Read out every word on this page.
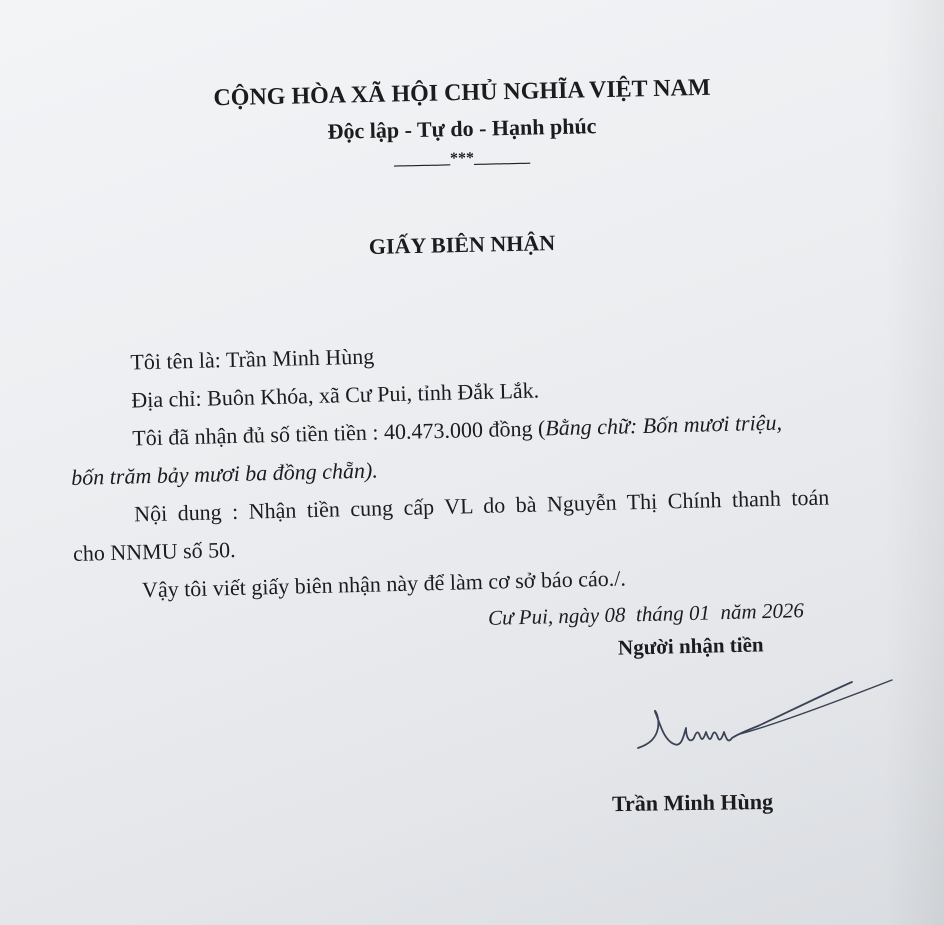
CỘNG HÒA XÃ HỘI CHỦ NGHĨA VIỆT NAM
Độc lập - Tự do - Hạnh phúc
_______***_______
GIẤY BIÊN NHẬN

Tôi tên là: Trần Minh Hùng

Địa chỉ: Buôn Khóa, xã Cư Pui, tỉnh Đắk Lắk.

Tôi đã nhận đủ số tiền tiền : 40.473.000 đồng (Bằng chữ: Bốn mươi triệu,

bốn trăm bảy mươi ba đồng chẵn).

Nội dung : Nhận tiền cung cấp VL do bà Nguyễn Thị Chính thanh toán

cho NNMU số 50.

Vậy tôi viết giấy biên nhận này để làm cơ sở báo cáo./.

Cư Pui, ngày 08  tháng 01  năm 2026
Người nhận tiền
Trần Minh Hùng
